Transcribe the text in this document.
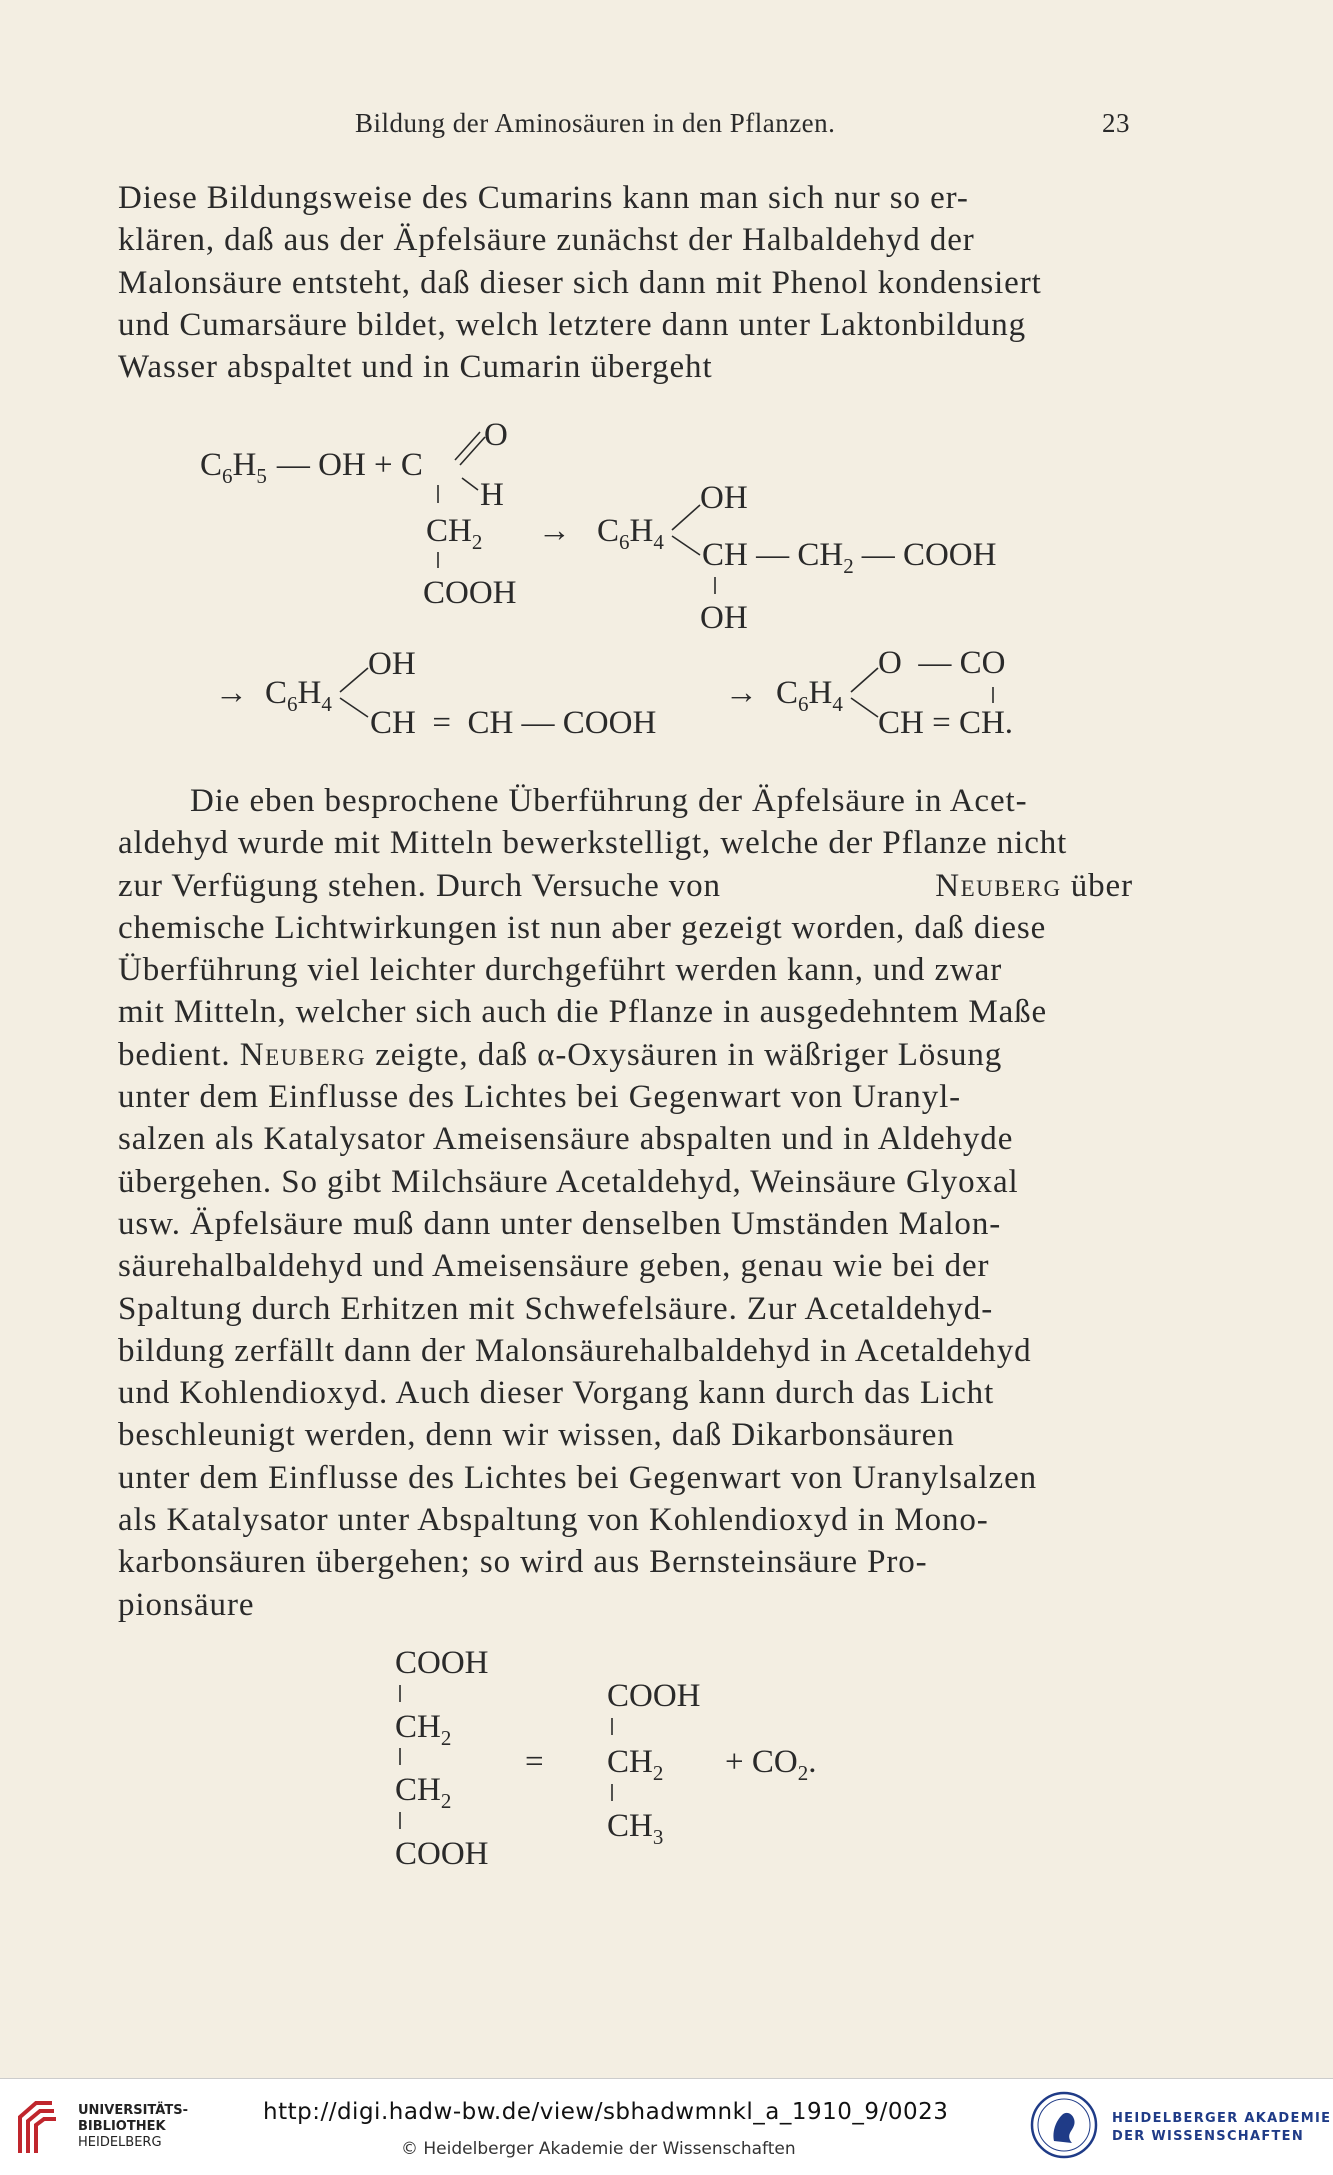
Bildung der Aminosäuren in den Pflanzen.	23
Diese Bildungsweise des Cumarins kann man sich nur so er-
klären, daß aus der Äpfelsäure zunächst der Halbaldehyd der
Malonsäure entsteht, daß dieser sich dann mit Phenol kondensiert
und Cumarsäure bildet, welch letztere dann unter Laktonbildung
Wasser abspaltet und in Cumarin übergeht
$C_6H_5$ — OH + C
O
H
$CH_2$
COOH
→ $C_6H_4$
OH
CH — $CH_2$ — COOH
OH
→ $C_6H_4$
OH
CH  =  CH — COOH
→ $C_6H_4$
O  — CO
CH = CH.
COOH
$CH_2$
$CH_2$
COOH
=
COOH
$CH_2$
$CH_3$
+ $CO_2$.
Die eben besprochene Überführung der Äpfelsäure in Acet-
aldehyd wurde mit Mitteln bewerkstelligt, welche der Pflanze nicht
zur Verfügung stehen. Durch Versuche von	Neuberg über
chemische Lichtwirkungen ist nun aber gezeigt worden, daß diese
Überführung viel leichter durchgeführt werden kann, und zwar
mit Mitteln, welcher sich auch die Pflanze in ausgedehntem Maße
bedient. Neuberg zeigte, daß α-Oxysäuren in wäßriger Lösung
unter dem Einflusse des Lichtes bei Gegenwart von Uranyl-
salzen als Katalysator Ameisensäure abspalten und in Aldehyde
übergehen. So gibt Milchsäure Acetaldehyd, Weinsäure Glyoxal
usw. Äpfelsäure muß dann unter denselben Umständen Malon-
säurehalbaldehyd und Ameisensäure geben, genau wie bei der
Spaltung durch Erhitzen mit Schwefelsäure. Zur Acetaldehyd-
bildung zerfällt dann der Malonsäurehalbaldehyd in Acetaldehyd
und Kohlendioxyd. Auch dieser Vorgang kann durch das Licht
beschleunigt werden, denn wir wissen, daß Dikarbonsäuren
unter dem Einflusse des Lichtes bei Gegenwart von Uranylsalzen
als Katalysator unter Abspaltung von Kohlendioxyd in Mono-
karbonsäuren übergehen; so wird aus Bernsteinsäure Pro-
pionsäure
UNIVERSITÄTS-
BIBLIOTHEK
HEIDELBERG
http://digi.hadw-bw.de/view/sbhadwmnkl_a_1910_9/0023
© Heidelberger Akademie der Wissenschaften
HEIDELBERGER AKADEMIE
DER WISSENSCHAFTEN
